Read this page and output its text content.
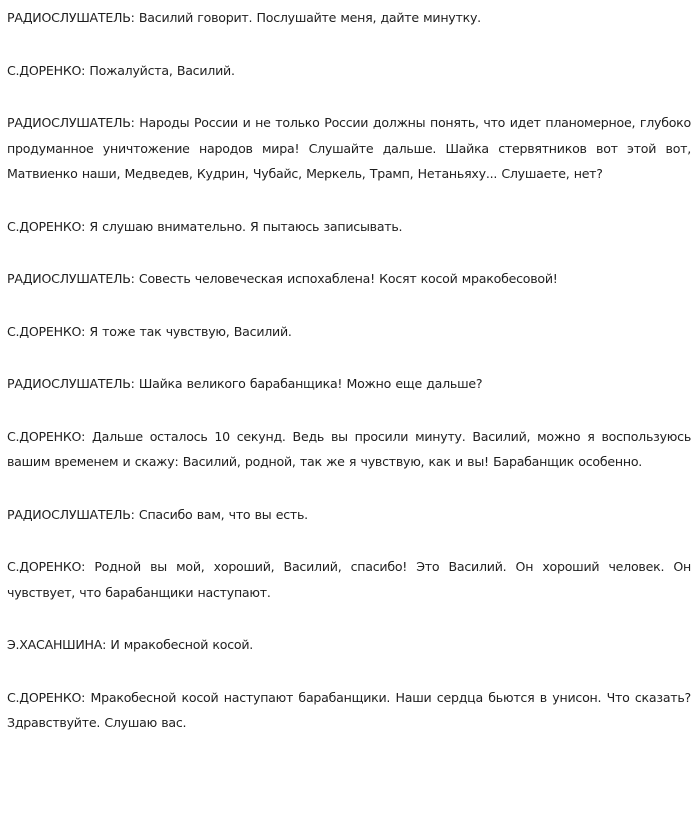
РАДИОСЛУШАТЕЛЬ: Василий говорит. Послушайте меня, дайте минутку.

С.ДОРЕНКО: Пожалуйста, Василий.

РАДИОСЛУШАТЕЛЬ: Народы России и не только России должны понять, что идет планомерное, глубоко продуманное уничтожение народов мира! Слушайте дальше. Шайка стервятников вот этой вот, Матвиенко наши, Медведев, Кудрин, Чубайс, Меркель, Трамп, Нетаньяху... Слушаете, нет?

С.ДОРЕНКО: Я слушаю внимательно. Я пытаюсь записывать.

РАДИОСЛУШАТЕЛЬ: Совесть человеческая испохаблена! Косят косой мракобесовой!

С.ДОРЕНКО: Я тоже так чувствую, Василий.

РАДИОСЛУШАТЕЛЬ: Шайка великого барабанщика! Можно еще дальше?

С.ДОРЕНКО: Дальше осталось 10 секунд. Ведь вы просили минуту. Василий, можно я воспользуюсь вашим временем и скажу: Василий, родной, так же я чувствую, как и вы! Барабанщик особенно.

РАДИОСЛУШАТЕЛЬ: Спасибо вам, что вы есть.

С.ДОРЕНКО: Родной вы мой, хороший, Василий, спасибо! Это Василий. Он хороший человек. Он чувствует, что барабанщики наступают.

Э.ХАСАНШИНА: И мракобесной косой.

С.ДОРЕНКО: Мракобесной косой наступают барабанщики. Наши сердца бьются в унисон. Что сказать? Здравствуйте. Слушаю вас.
